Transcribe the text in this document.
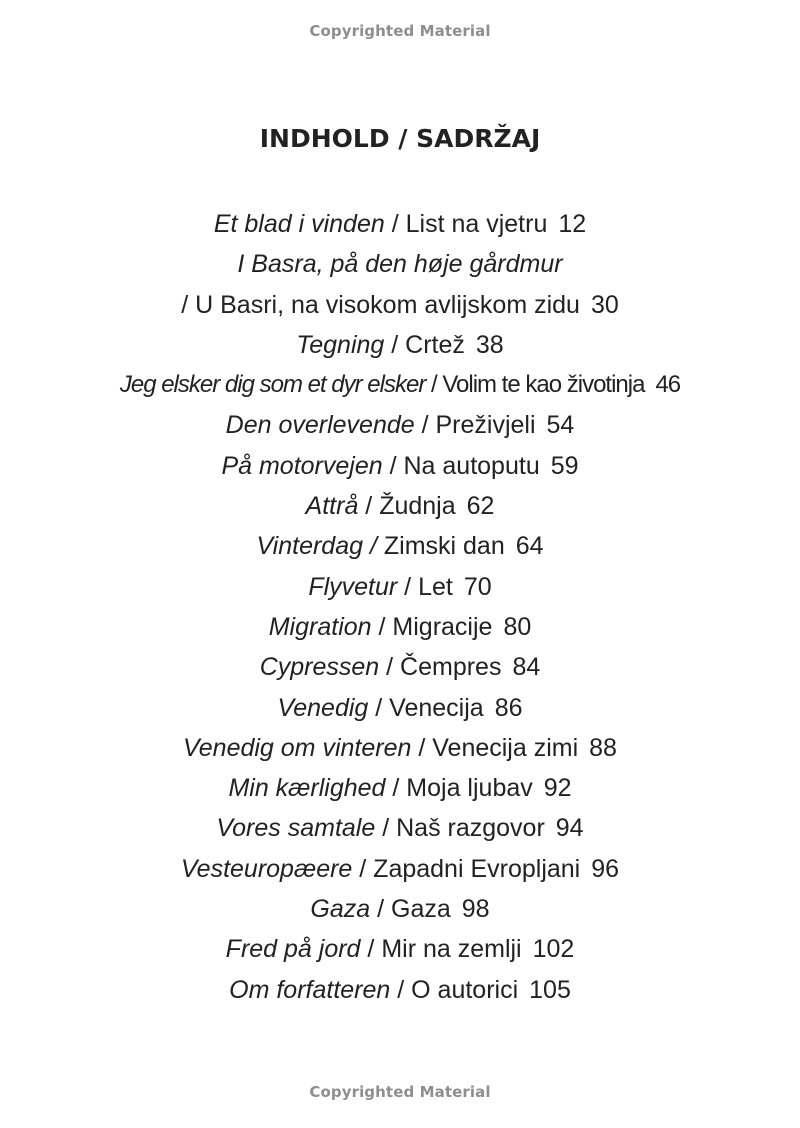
Copyrighted Material
INDHOLD / SADRŽAJ
Et blad i vinden / List na vjetru 12
I Basra, på den høje gårdmur
/ U Basri, na visokom avlijskom zidu 30
Tegning / Crtež 38
Jeg elsker dig som et dyr elsker / Volim te kao životinja 46
Den overlevende / Preživjeli 54
På motorvejen / Na autoputu 59
Attrå / Žudnja 62
Vinterdag / Zimski dan 64
Flyvetur / Let 70
Migration / Migracije 80
Cypressen / Čempres 84
Venedig / Venecija 86
Venedig om vinteren / Venecija zimi 88
Min kærlighed / Moja ljubav 92
Vores samtale / Naš razgovor 94
Vesteuropæere / Zapadni Evropljani 96
Gaza / Gaza 98
Fred på jord / Mir na zemlji 102
Om forfatteren / O autorici 105
Copyrighted Material
